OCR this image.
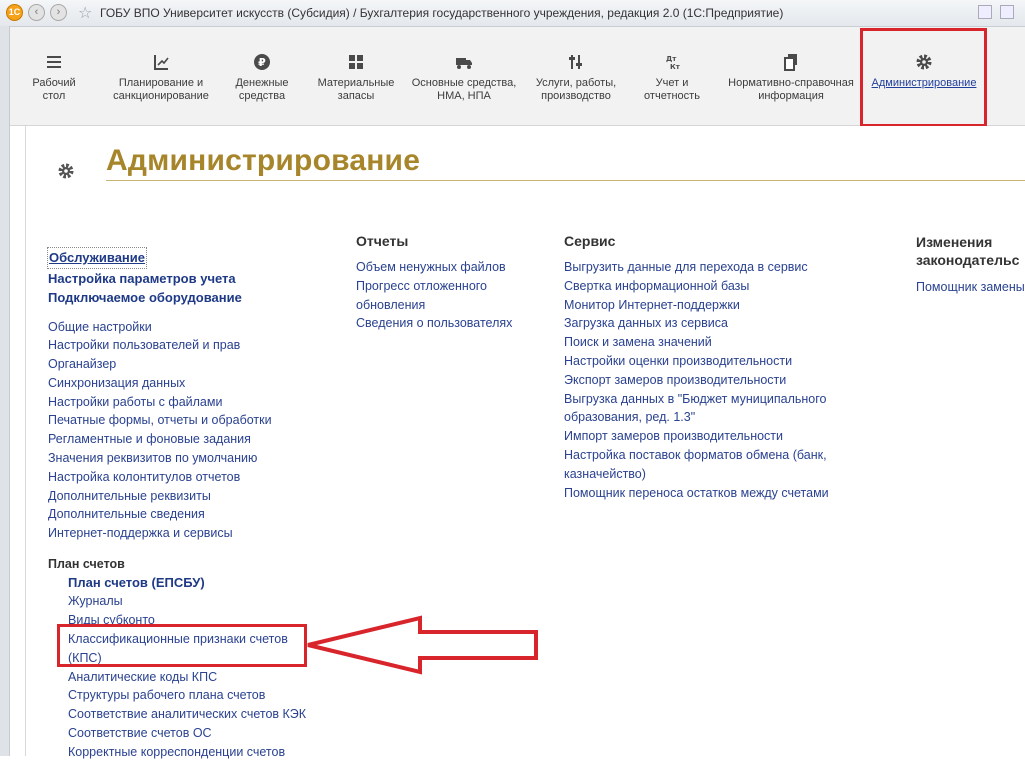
1С	‹	›	☆ ГОБУ ВПО Университет искусств (Субсидия) / Бухгалтерия государственного учреждения, редакция 2.0 (1С:Предприятие)
Рабочий
стол
Планирование и
санкционирование
₽
Денежные
средства
Материальные
запасы
Основные средства,
НМА, НПА
Услуги, работы,
производство
Дт
Кт
Учет и
отчетность
Нормативно-справочная
информация
Администрирование
Администрирование
Обслуживание
Настройка параметров учета
Подключаемое оборудование
Общие настройки
Настройки пользователей и прав
Органайзер
Синхронизация данных
Настройки работы с файлами
Печатные формы, отчеты и обработки
Регламентные и фоновые задания
Значения реквизитов по умолчанию
Настройка колонтитулов отчетов
Дополнительные реквизиты
Дополнительные сведения
Интернет-поддержка и сервисы
План счетов
План счетов (ЕПСБУ)
Журналы
Виды субконто
Классификационные признаки счетов
(КПС)
Аналитические коды КПС
Структуры рабочего плана счетов
Соответствие аналитических счетов КЭК
Соответствие счетов ОС
Корректные корреспонденции счетов
Отчеты
Объем ненужных файлов
Прогресс отложенного
обновления
Сведения о пользователях
Сервис
Выгрузить данные для перехода в сервис
Свертка информационной базы
Монитор Интернет-поддержки
Загрузка данных из сервиса
Поиск и замена значений
Настройки оценки производительности
Экспорт замеров производительности
Выгрузка данных в "Бюджет муниципального
образования, ред. 1.3"
Импорт замеров производительности
Настройка поставок форматов обмена (банк,
казначейство)
Помощник переноса остатков между счетами
Изменения
законодательс
Помощник замены
